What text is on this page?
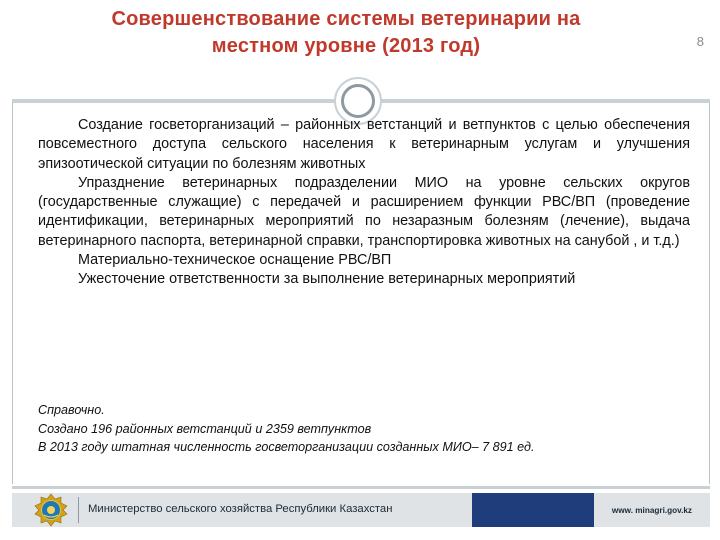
Совершенствование системы ветеринарии на
местном уровне (2013 год)	8

Создание госветорганизаций – районных ветстанций и ветпунктов с целью обеспечения повсеместного доступа сельского населения к ветеринарным услугам и улучшения эпизоотической ситуации по болезням животных

Упразднение ветеринарных подразделении МИО на уровне сельских округов (государственные служащие) с передачей и расширением функции РВС/ВП (проведение идентификации, ветеринарных мероприятий по незаразным болезням (лечение), выдача ветеринарного паспорта, ветеринарной справки, транспортировка животных на санубой , и т.д.)

Материально-техническое оснащение РВС/ВП

Ужесточение ответственности за выполнение ветеринарных мероприятий

Справочно.
Создано 196 районных ветстанций и 2359 ветпунктов
В 2013 году штатная численность госветорганизации созданных МИО– 7 891 ед.
Министерство сельского хозяйства Республики Казахстан	www. minagri.gov.kz
